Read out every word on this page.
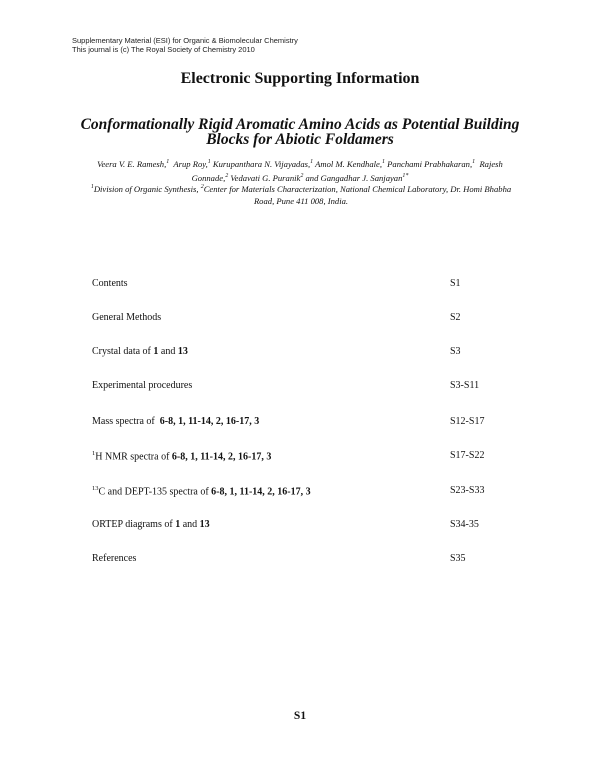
Supplementary Material (ESI) for Organic & Biomolecular Chemistry
This journal is (c) The Royal Society of Chemistry 2010
Electronic Supporting Information
Conformationally Rigid Aromatic Amino Acids as Potential Building
Blocks for Abiotic Foldamers
Veera V. E. Ramesh,$^1$ Arup Roy,$^1$ Kurupanthara N. Vijayadas,$^1$ Amol M. Kendhale,$^1$ Panchami Prabhakaran,$^1$ Rajesh
Gonnade,$^2$ Vedavati G. Puranik$^2$ and Gangadhar J. Sanjayan$^{1*}$
$^1$Division of Organic Synthesis, $^2$Center for Materials Characterization, National Chemical Laboratory, Dr. Homi Bhabha
Road, Pune 411 008, India.
Contents	S1
General Methods	S2
Crystal data of 1 and 13	S3
Experimental procedures	S3-S11
Mass spectra of 6-8, 1, 11-14, 2, 16-17, 3	S12-S17
$^1$H NMR spectra of 6-8, 1, 11-14, 2, 16-17, 3	S17-S22
$^{13}$C and DEPT-135 spectra of 6-8, 1, 11-14, 2, 16-17, 3	S23-S33
ORTEP diagrams of 1 and 13	S34-35
References	S35
S1
